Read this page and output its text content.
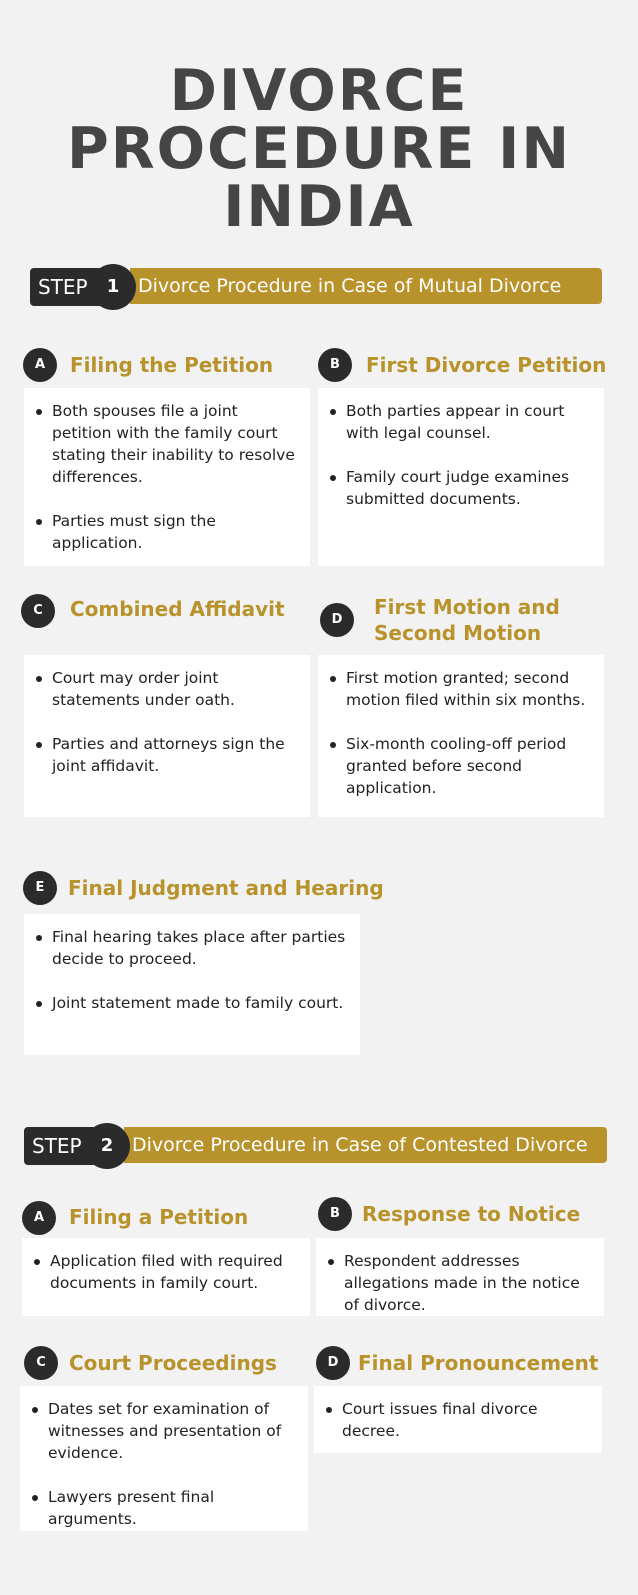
DIVORCE
PROCEDURE IN
INDIA
Divorce Procedure in Case of Mutual Divorce
STEP	1
A	Filing the Petition
Both spouses file a joint petition with the family court stating their inability to resolve differences.
Parties must sign the application.
B	First Divorce Petition
Both parties appear in court with legal counsel.
Family court judge examines submitted documents.
C	Combined Affidavit
Court may order joint statements under oath.
Parties and attorneys sign the joint affidavit.
D
First Motion and
Second Motion
First motion granted; second motion filed within six months.
Six-month cooling-off period granted before second application.
E	Final Judgment and Hearing
Final hearing takes place after parties decide to proceed.
Joint statement made to family court.
Divorce Procedure in Case of Contested Divorce
STEP	2
A	Filing a Petition
Application filed with required documents in family court.
B	Response to Notice
Respondent addresses allegations made in the notice of divorce.
C	Court Proceedings
Dates set for examination of witnesses and presentation of evidence.
Lawyers present final arguments.
D Final Pronouncement
Court issues final divorce decree.
